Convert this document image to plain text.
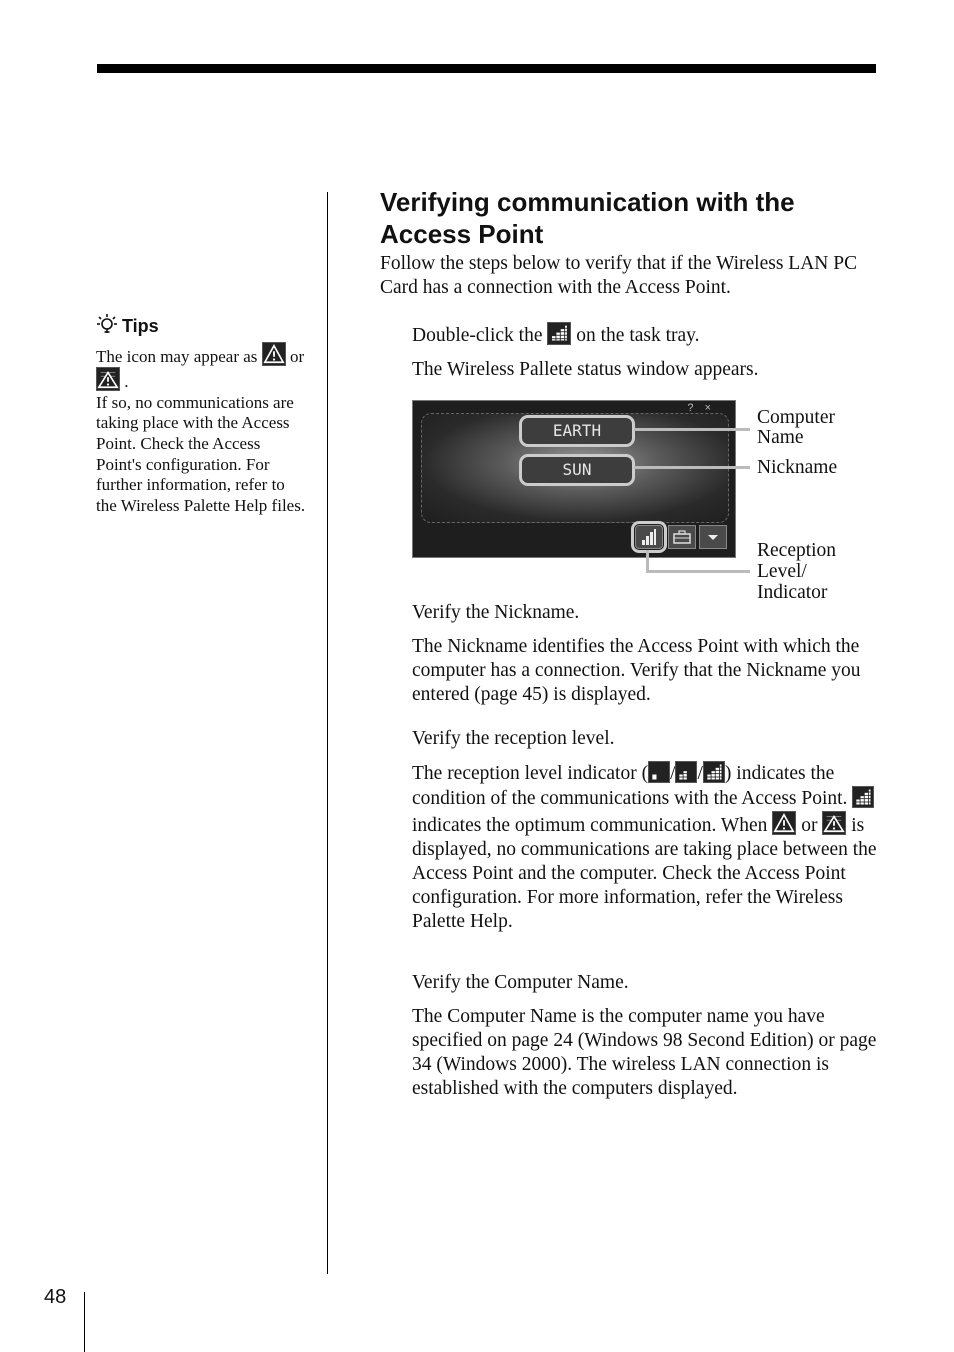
48
Tips

The icon may appear as or
.

If so, no communications are taking place with the Access Point. Check the Access Point's configuration. For further information, refer to the Wireless Palette Help files.

Verifying communication with the Access Point

Follow the steps below to verify that if the Wireless LAN PC Card has a connection with the Access Point.

Double-click the on the task tray.

The Wireless Pallete status window appears.

? ×
EARTH
SUN
Computer
Name
Nickname
Reception
Level/
Indicator

Verify the Nickname.

The Nickname identifies the Access Point with which the computer has a connection. Verify that the Nickname you entered (page 45) is displayed.

Verify the reception level.

The reception level indicator ( / / ) indicates the condition of the communications with the Access Point.
indicates the optimum communication. When or is displayed, no communications are taking place between the Access Point and the computer. Check the Access Point configuration. For more information, refer the Wireless Palette Help.

Verify the Computer Name.

The Computer Name is the computer name you have specified on page 24 (Windows 98 Second Edition) or page 34 (Windows 2000). The wireless LAN connection is established with the computers displayed.
